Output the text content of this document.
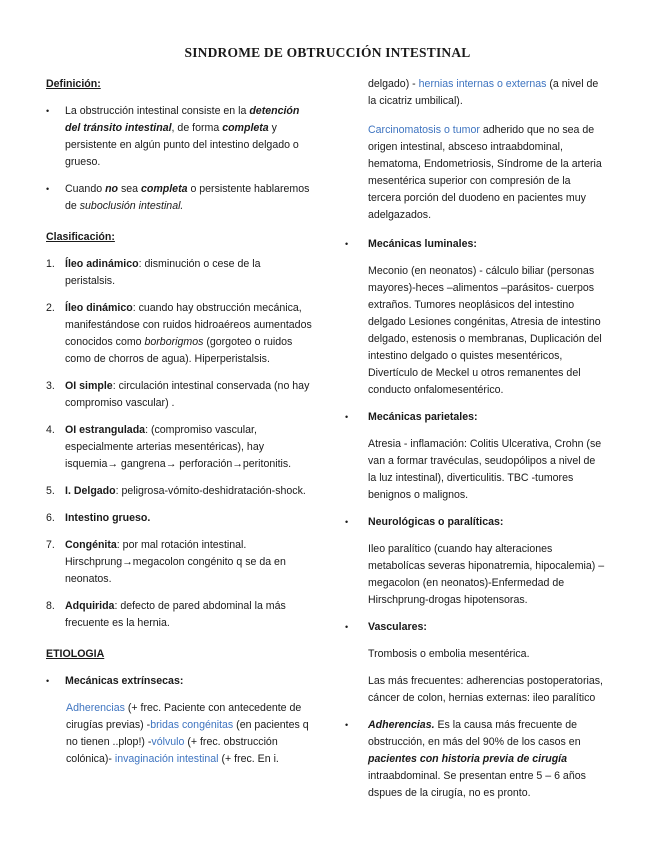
SINDROME DE OBTRUCCIÓN INTESTINAL

Definición:

• La obstrucción intestinal consiste en la detención del tránsito intestinal, de forma completa y persistente en algún punto del intestino delgado o grueso.
• Cuando no sea completa o persistente hablaremos de suboclusión intestinal.

Clasificación:

1. Íleo adinámico: disminución o cese de la peristalsis.
2. Íleo dinámico: cuando hay obstrucción mecánica, manifestándose con ruidos hidroaéreos aumentados conocidos como borborigmos (gorgoteo o ruidos como de chorros de agua). Hiperperistalsis.
3. OI simple: circulación intestinal conservada (no hay compromiso vascular) .
4. OI estrangulada: (compromiso vascular, especialmente arterias mesentéricas), hay isquemia→ gangrena→ perforación→peritonitis.
5. I. Delgado: peligrosa-vómito-deshidratación-shock.
6. Intestino grueso.
7. Congénita: por mal rotación intestinal. Hirschprung→megacolon congénito q se da en neonatos.
8. Adquirida: defecto de pared abdominal la más frecuente es la hernia.

ETIOLOGIA

• Mecánicas extrínsecas:
Adherencias (+ frec. Paciente con antecedente de cirugías previas) -bridas congénitas (en pacientes q no tienen ..plop!) -vólvulo (+ frec. obstrucción colónica)- invaginación intestinal (+ frec. En i.
delgado) - hernias internas o externas (a nivel de la cicatriz umbilical).
Carcinomatosis o tumor adherido que no sea de origen intestinal, absceso intraabdominal, hematoma, Endometriosis, Síndrome de la arteria mesentérica superior con compresión de la tercera porción del duodeno en pacientes muy adelgazados.
• Mecánicas luminales:
Meconio (en neonatos) - cálculo biliar (personas mayores)-heces –alimentos –parásitos- cuerpos extraños. Tumores neoplásicos del intestino delgado Lesiones congénitas, Atresia de intestino delgado, estenosis o membranas, Duplicación del intestino delgado o quistes mesentéricos, Divertículo de Meckel u otros remanentes del conducto onfalomesentérico.
• Mecánicas parietales:
Atresia - inflamación: Colitis Ulcerativa, Crohn (se van a formar travéculas, seudopólipos a nivel de la luz intestinal), diverticulitis. TBC -tumores benignos o malignos.
• Neurológicas o paralíticas:
Ileo paralítico (cuando hay alteraciones metabolícas severas hiponatremia, hipocalemia) –megacolon (en neonatos)-Enfermedad de Hirschprung-drogas hipotensoras.
• Vasculares:
Trombosis o embolia mesentérica.
Las más frecuentes: adherencias postoperatorias, cáncer de colon, hernias externas: ileo paralítico
• Adherencias. Es la causa más frecuente de obstrucción, en más del 90% de los casos en pacientes con historia previa de cirugía intraabdominal. Se presentan entre 5 – 6 años dspues de la cirugía, no es pronto.
